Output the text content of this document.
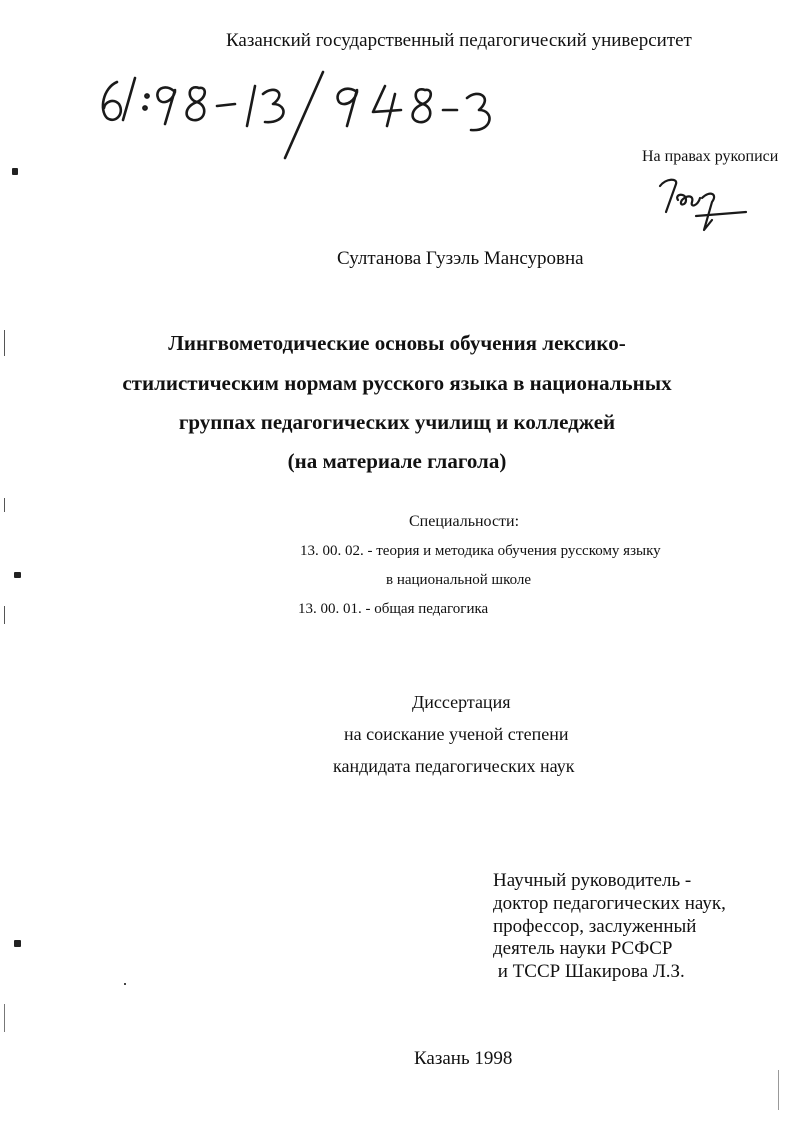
Казанский государственный педагогический университет
На правах рукописи
Султанова Гузэль Мансуровна
Лингвометодические основы обучения лексико-
стилистическим нормам русского языка в национальных
группах педагогических училищ и колледжей
(на материале глагола)
Специальности:
13. 00. 02. - теория и методика обучения русскому языку
в национальной школе
13. 00. 01. - общая педагогика
Диссертация
на соискание ученой степени
кандидата педагогических наук
Научный руководитель -
доктор педагогических наук,
профессор, заслуженный
деятель науки РСФСР
и ТССР Шакирова Л.З.
Казань 1998
